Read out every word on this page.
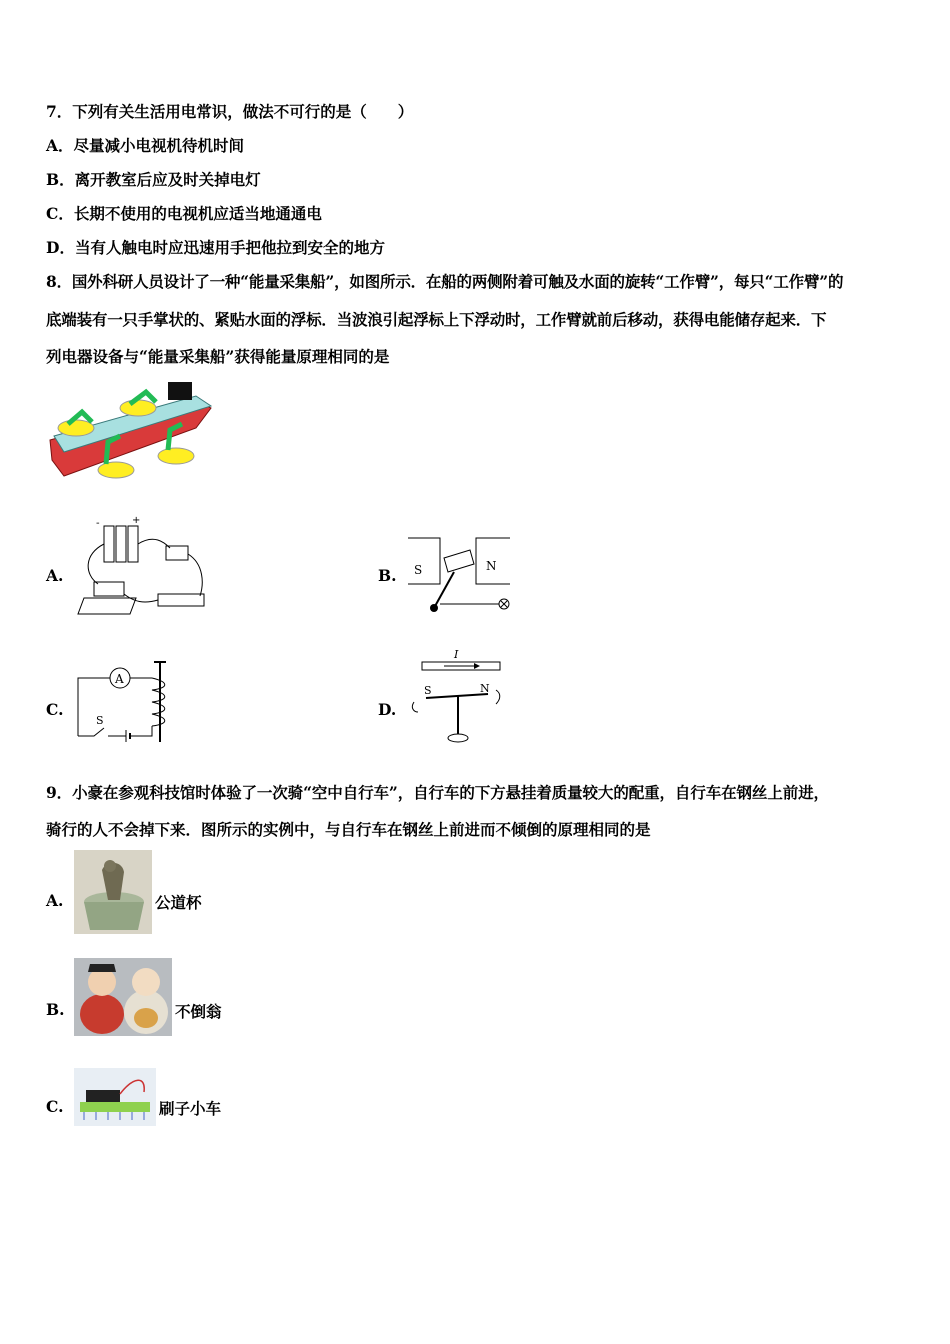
7．下列有关生活用电常识，做法不可行的是（　　）
A．尽量减小电视机待机时间
B．离开教室后应及时关掉电灯
C．长期不使用的电视机应适当地通通电
D．当有人触电时应迅速用手把他拉到安全的地方
8．国外科研人员设计了一种“能量采集船”，如图所示．在船的两侧附着可触及水面的旋转“工作臂”，每只“工作臂”的
底端装有一只手掌状的、紧贴水面的浮标．当波浪引起浮标上下浮动时，工作臂就前后移动，获得电能储存起来．下
列电器设备与“能量采集船”获得能量原理相同的是
A.
+
-
B. S	N
C.
A
S
D.
I
S	N
9．小豪在参观科技馆时体验了一次骑“空中自行车”，自行车的下方悬挂着质量较大的配重，自行车在钢丝上前进，
骑行的人不会掉下来．图所示的实例中，与自行车在钢丝上前进而不倾倒的原理相同的是
A.	公道杯
B.	不倒翁
C.	刷子小车
